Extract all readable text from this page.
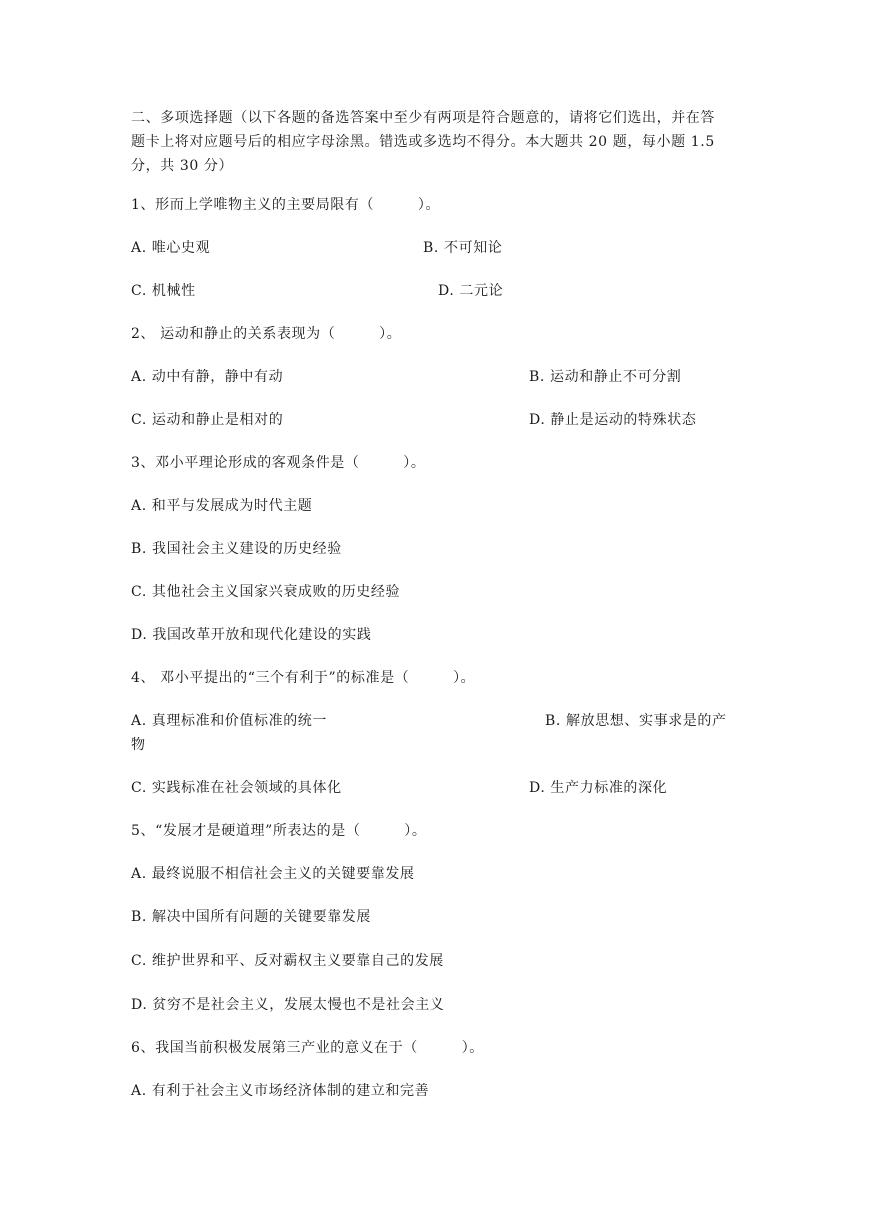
二、多项选择题（以下各题的备选答案中至少有两项是符合题意的，请将它们选出，并在答

题卡上将对应题号后的相应字母涂黑。错选或多选均不得分。本大题共 20 题，每小题 1.5

分，共 30 分）

1、形而上学唯物主义的主要局限有（　　　）。
A. 唯心史观	B. 不可知论
C. 机械性	D. 二元论
2、 运动和静止的关系表现为（　　　）。
A. 动中有静，静中有动	B. 运动和静止不可分割
C. 运动和静止是相对的	D. 静止是运动的特殊状态
3、邓小平理论形成的客观条件是（　　　）。
A. 和平与发展成为时代主题
B. 我国社会主义建设的历史经验
C. 其他社会主义国家兴衰成败的历史经验
D. 我国改革开放和现代化建设的实践
4、 邓小平提出的“三个有利于”的标准是（　　　）。
A. 真理标准和价值标准的统一	B. 解放思想、实事求是的产
物
C. 实践标准在社会领域的具体化	D. 生产力标准的深化
5、“发展才是硬道理”所表达的是（　　　）。
A. 最终说服不相信社会主义的关键要靠发展
B. 解决中国所有问题的关键要靠发展
C. 维护世界和平、反对霸权主义要靠自己的发展
D. 贫穷不是社会主义，发展太慢也不是社会主义
6、我国当前积极发展第三产业的意义在于（　　　）。
A. 有利于社会主义市场经济体制的建立和完善
